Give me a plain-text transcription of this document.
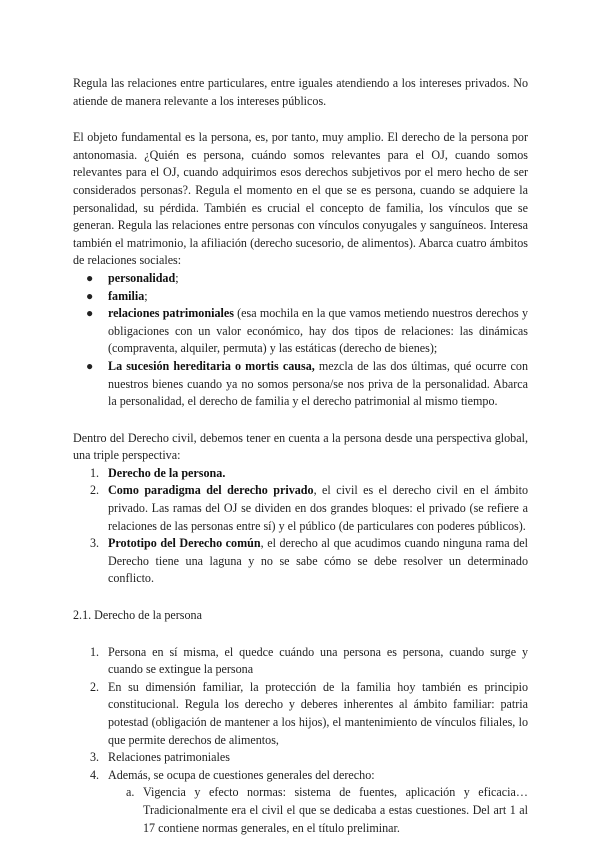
Regula las relaciones entre particulares, entre iguales atendiendo a los intereses privados. No atiende de manera relevante a los intereses públicos.

El objeto fundamental es la persona, es, por tanto, muy amplio. El derecho de la persona por antonomasia. ¿Quién es persona, cuándo somos relevantes para el OJ, cuando somos relevantes para el OJ, cuando adquirimos esos derechos subjetivos por el mero hecho de ser considerados personas?. Regula el momento en el que se es persona, cuando se adquiere la personalidad, su pérdida. También es crucial el concepto de familia, los vínculos que se generan. Regula las relaciones entre personas con vínculos conyugales y sanguíneos. Interesa también el matrimonio, la afiliación (derecho sucesorio, de alimentos). Abarca cuatro ámbitos de relaciones sociales:

● personalidad;
● familia;
● relaciones patrimoniales (esa mochila en la que vamos metiendo nuestros derechos y obligaciones con un valor económico, hay dos tipos de relaciones: las dinámicas (compraventa, alquiler, permuta) y las estáticas (derecho de bienes);
● La sucesión hereditaria o mortis causa, mezcla de las dos últimas, qué ocurre con nuestros bienes cuando ya no somos persona/se nos priva de la personalidad. Abarca la personalidad, el derecho de familia y el derecho patrimonial al mismo tiempo.

Dentro del Derecho civil, debemos tener en cuenta a la persona desde una perspectiva global, una triple perspectiva:

1. Derecho de la persona.
2. Como paradigma del derecho privado, el civil es el derecho civil en el ámbito privado. Las ramas del OJ se dividen en dos grandes bloques: el privado (se refiere a relaciones de las personas entre sí) y el público (de particulares con poderes públicos).
3. Prototipo del Derecho común, el derecho al que acudimos cuando ninguna rama del Derecho tiene una laguna y no se sabe cómo se debe resolver un determinado conflicto.

2.1. Derecho de la persona

1. Persona en sí misma, el quedce cuándo una persona es persona, cuando surge y cuando se extingue la persona
2. En su dimensión familiar, la protección de la familia hoy también es principio constitucional. Regula los derecho y deberes inherentes al ámbito familiar: patria potestad (obligación de mantener a los hijos), el mantenimiento de vínculos filiales, lo que permite derechos de alimentos,
3. Relaciones patrimoniales
4. Además, se ocupa de cuestiones generales del derecho:
a. Vigencia y efecto normas: sistema de fuentes, aplicación y eficacia… Tradicionalmente era el civil el que se dedicaba a estas cuestiones. Del art 1 al 17 contiene normas generales, en el título preliminar.
